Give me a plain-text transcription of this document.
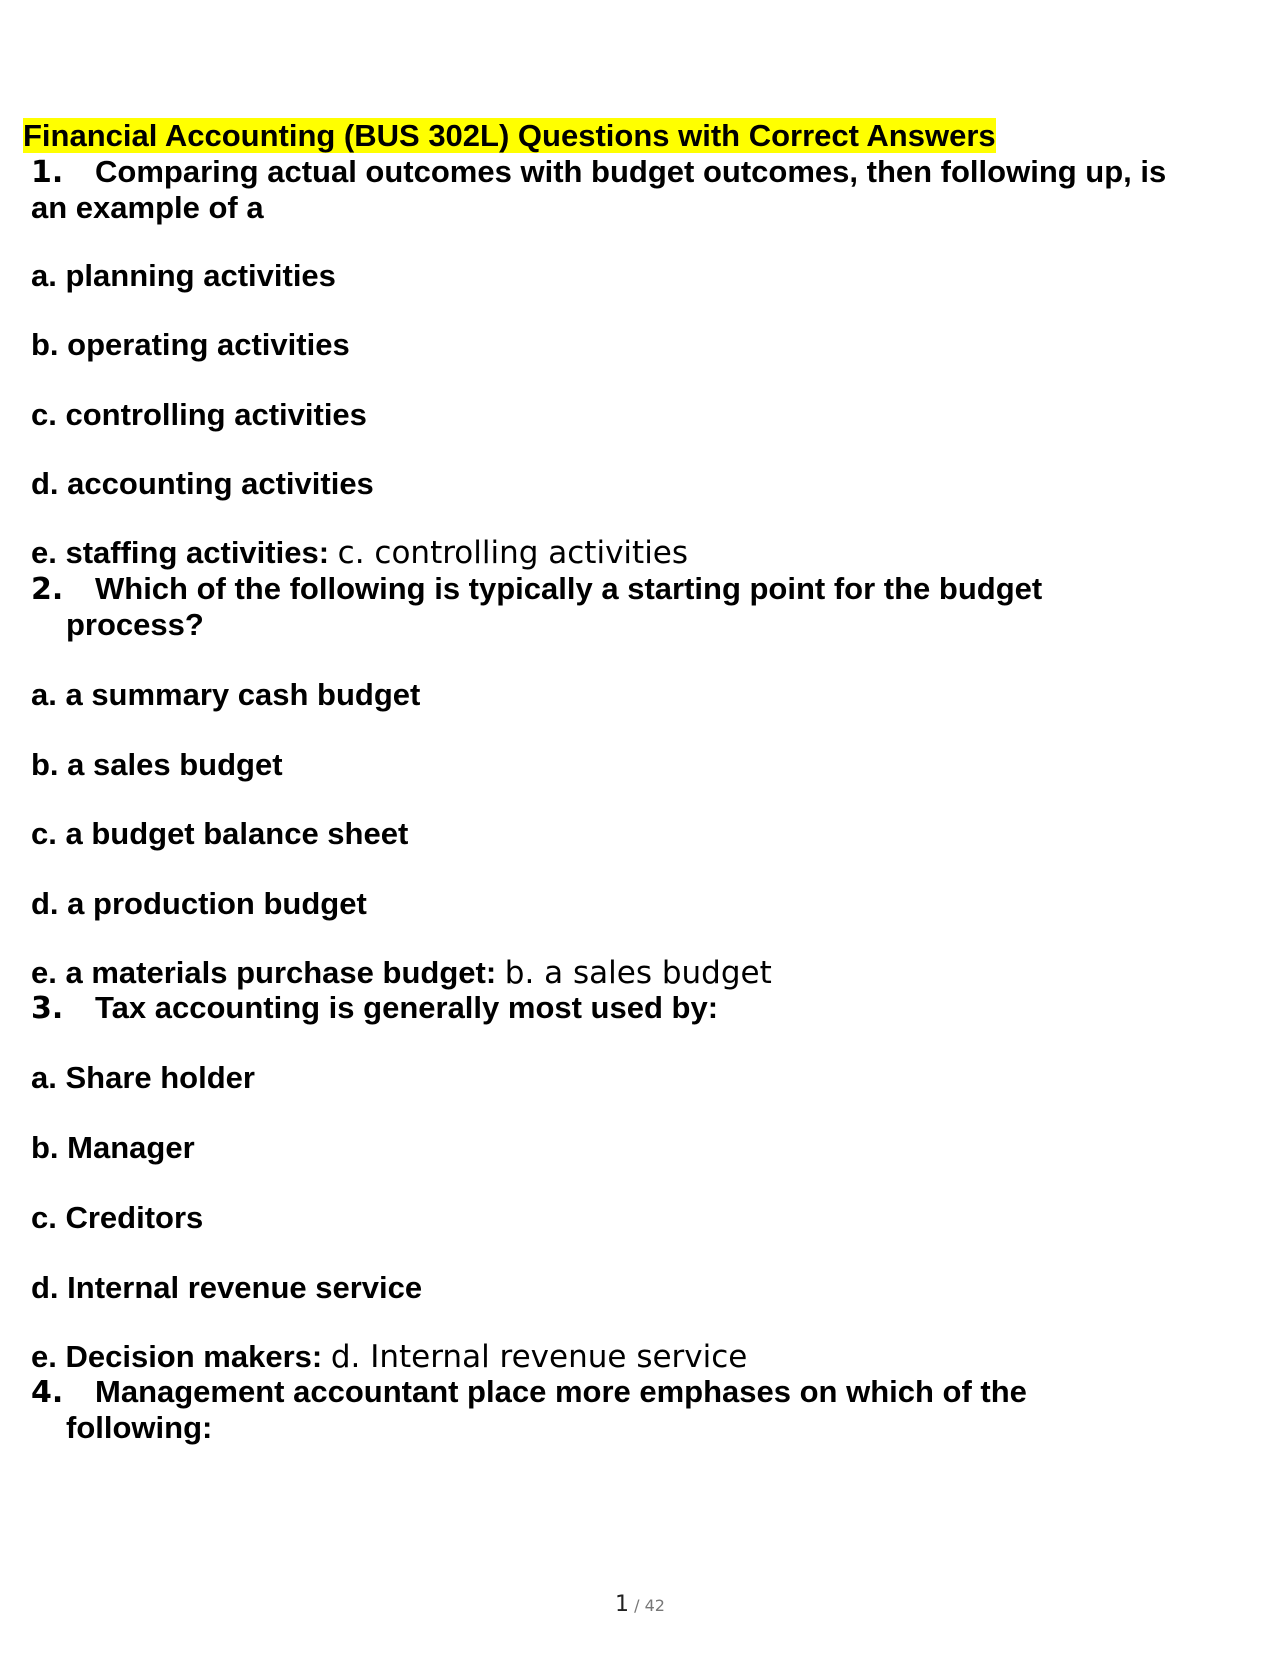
Financial Accounting (BUS 302L) Questions with Correct Answers
1. Comparing actual outcomes with budget outcomes, then following up, is
an example of a
a. planning activities
b. operating activities
c. controlling activities
d. accounting activities
e. staffing activities: c. controlling activities
2. Which of the following is typically a starting point for the budget
process?
a. a summary cash budget
b. a sales budget
c. a budget balance sheet
d. a production budget
e. a materials purchase budget: b. a sales budget
3. Tax accounting is generally most used by:
a. Share holder
b. Manager
c. Creditors
d. Internal revenue service
e. Decision makers: d. Internal revenue service
4. Management accountant place more emphases on which of the
following:
1 / 42
